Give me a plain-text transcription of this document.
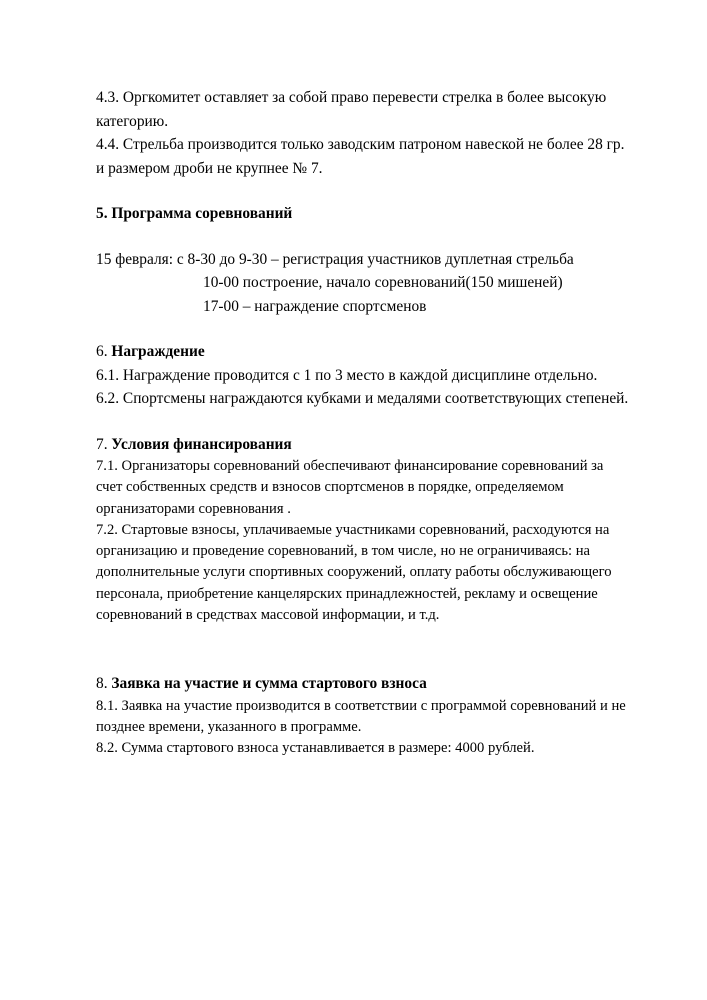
4.3. Оргкомитет оставляет за собой право перевести стрелка в более высокую категорию.

4.4. Стрельба производится только заводским патроном навеской не более 28 гр. и размером дроби не крупнее № 7.

5. Программа соревнований

15 февраля: с 8-30 до 9-30 – регистрация участников дуплетная стрельба
10-00 построение, начало соревнований(150 мишеней)
17-00 – награждение спортсменов

6. Награждение

6.1. Награждение проводится с 1 по 3 место в каждой дисциплине отдельно.

6.2. Спортсмены награждаются кубками и медалями соответствующих степеней.

7. Условия финансирования

7.1. Организаторы соревнований обеспечивают финансирование соревнований за счет собственных средств и взносов спортсменов в порядке, определяемом организаторами соревнования .

7.2. Стартовые взносы, уплачиваемые участниками соревнований, расходуются на организацию и проведение соревнований, в том числе, но не ограничиваясь: на дополнительные услуги спортивных сооружений, оплату работы обслуживающего персонала, приобретение канцелярских принадлежностей, рекламу и освещение соревнований в средствах массовой информации, и т.д.

8. Заявка на участие и сумма стартового взноса

8.1. Заявка на участие производится в соответствии с программой соревнований и не позднее времени, указанного в программе.

8.2. Сумма стартового взноса устанавливается в размере: 4000 рублей.
